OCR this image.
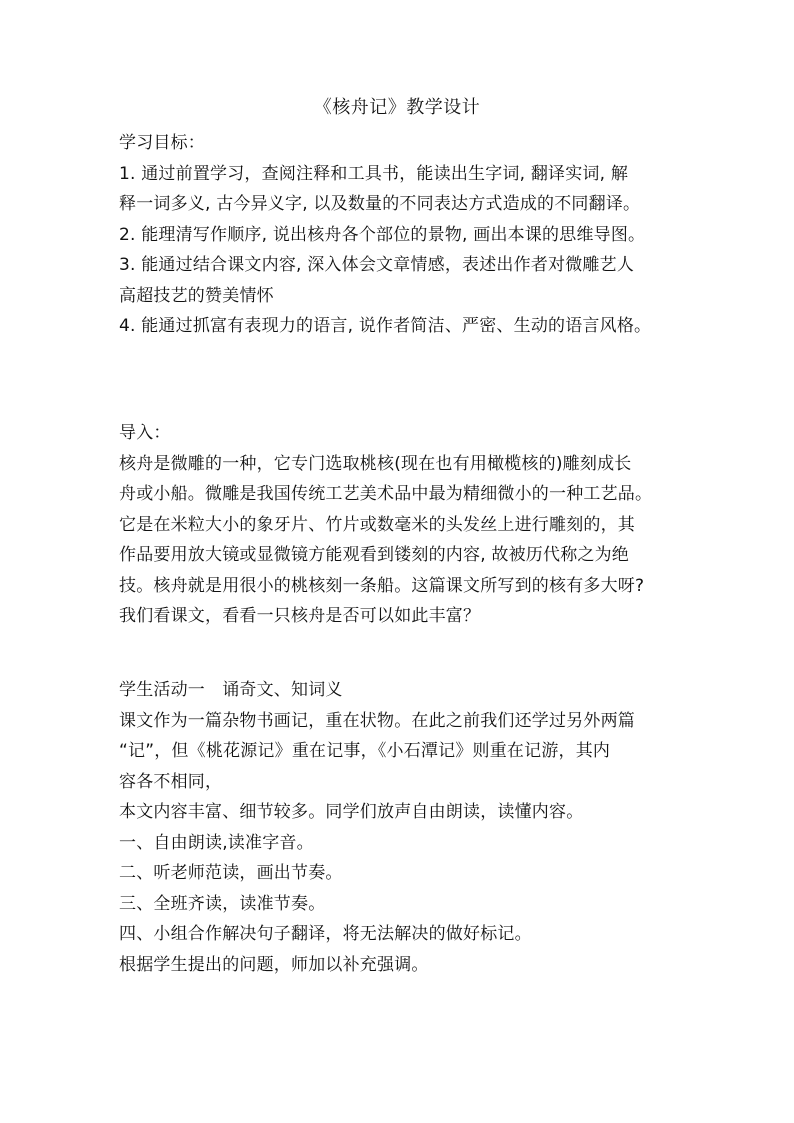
《核舟记》教学设计
学习目标：
1. 通过前置学习，查阅注释和工具书，能读出生字词, 翻译实词, 解
释一词多义, 古今异义字, 以及数量的不同表达方式造成的不同翻译。
2. 能理清写作顺序, 说出核舟各个部位的景物, 画出本课的思维导图。
3. 能通过结合课文内容, 深入体会文章情感，表述出作者对微雕艺人
高超技艺的赞美情怀
4. 能通过抓富有表现力的语言, 说作者简洁、严密、生动的语言风格。
导入：
核舟是微雕的一种，它专门选取桃核(现在也有用橄榄核的)雕刻成长
舟或小船。微雕是我国传统工艺美术品中最为精细微小的一种工艺品。
它是在米粒大小的象牙片、竹片或数毫米的头发丝上进行雕刻的，其
作品要用放大镜或显微镜方能观看到镂刻的内容, 故被历代称之为绝
技。核舟就是用很小的桃核刻一条船。这篇课文所写到的核有多大呀?
我们看课文，看看一只核舟是否可以如此丰富？
学生活动一　诵奇文、知词义
课文作为一篇杂物书画记，重在状物。在此之前我们还学过另外两篇
“记”，但《桃花源记》重在记事，《小石潭记》则重在记游，其内
容各不相同，
本文内容丰富、细节较多。同学们放声自由朗读，读懂内容。
一、自由朗读,读准字音。
二、听老师范读，画出节奏。
三、全班齐读，读准节奏。
四、小组合作解决句子翻译，将无法解决的做好标记。
根据学生提出的问题，师加以补充强调。
